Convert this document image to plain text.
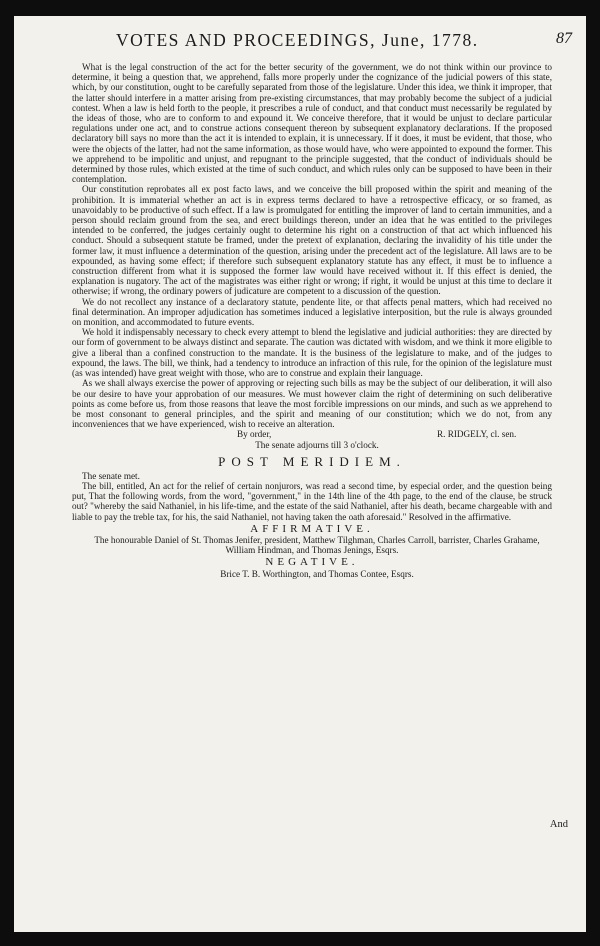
VOTES AND PROCEEDINGS, June, 1778.	87

What is the legal construction of the act for the better security of the government, we do not think within our province to determine, it being a question that, we apprehend, falls more properly under the cognizance of the judicial powers of this state, which, by our constitution, ought to be carefully separated from those of the legislature. Under this idea, we think it improper, that the latter should interfere in a matter arising from pre-existing circumstances, that may probably become the subject of a judicial contest. When a law is held forth to the people, it prescribes a rule of conduct, and that conduct must necessarily be regulated by the ideas of those, who are to conform to and expound it. We conceive therefore, that it would be unjust to declare particular regulations under one act, and to construe actions consequent thereon by subsequent explanatory declarations. If the proposed declaratory bill says no more than the act it is intended to explain, it is unnecessary. If it does, it must be evident, that those, who were the objects of the latter, had not the same information, as those would have, who were appointed to expound the former. This we apprehend to be impolitic and unjust, and repugnant to the principle suggested, that the conduct of individuals should be determined by those rules, which existed at the time of such conduct, and which rules only can be supposed to have been in their contemplation.

Our constitution reprobates all ex post facto laws, and we conceive the bill proposed within the spirit and meaning of the prohibition. It is immaterial whether an act is in express terms declared to have a retrospective efficacy, or so framed, as unavoidably to be productive of such effect. If a law is promulgated for entitling the improver of land to certain immunities, and a person should reclaim ground from the sea, and erect buildings thereon, under an idea that he was entitled to the privileges intended to be conferred, the judges certainly ought to determine his right on a construction of that act which influenced his conduct. Should a subsequent statute be framed, under the pretext of explanation, declaring the invalidity of his title under the former law, it must influence a determination of the question, arising under the precedent act of the legislature. All laws are to be expounded, as having some effect; if therefore such subsequent explanatory statute has any effect, it must be to influence a construction different from what it is supposed the former law would have received without it. If this effect is denied, the explanation is nugatory. The act of the magistrates was either right or wrong; if right, it would be unjust at this time to declare it otherwise; if wrong, the ordinary powers of judicature are competent to a discussion of the question.

We do not recollect any instance of a declaratory statute, pendente lite, or that affects penal matters, which had received no final determination. An improper adjudication has sometimes induced a legislative interposition, but the rule is always grounded on monition, and accommodated to future events.

We hold it indispensably necessary to check every attempt to blend the legislative and judicial authorities: they are directed by our form of government to be always distinct and separate. The caution was dictated with wisdom, and we think it more eligible to give a liberal than a confined construction to the mandate. It is the business of the legislature to make, and of the judges to expound, the laws. The bill, we think, had a tendency to introduce an infraction of this rule, for the opinion of the legislature must (as was intended) have great weight with those, who are to construe and explain their language.

As we shall always exercise the power of approving or rejecting such bills as may be the subject of our deliberation, it will also be our desire to have your approbation of our measures. We must however claim the right of determining on such deliberative points as come before us, from those reasons that leave the most forcible impressions on our minds, and such as we apprehend to be most consonant to general principles, and the spirit and meaning of our constitution; which we do not, from any inconveniences that we have experienced, wish to receive an alteration.

By order,	R. RIDGELY, cl. sen.

The senate adjourns till 3 o'clock.

POST MERIDIEM.

The senate met.

The bill, entitled, An act for the relief of certain nonjurors, was read a second time, by especial order, and the question being put, That the following words, from the word, "government," in the 14th line of the 4th page, to the end of the clause, be struck out? "whereby the said Nathaniel, in his life-time, and the estate of the said Nathaniel, after his death, became chargeable with and liable to pay the treble tax, for his, the said Nathaniel, not having taken the oath aforesaid." Resolved in the affirmative.

AFFIRMATIVE.

The honourable Daniel of St. Thomas Jenifer, president, Matthew Tilghman, Charles Carroll, barrister, Charles Grahame, William Hindman, and Thomas Jenings, Esqrs.

NEGATIVE.

Brice T. B. Worthington, and Thomas Contee, Esqrs.

And
